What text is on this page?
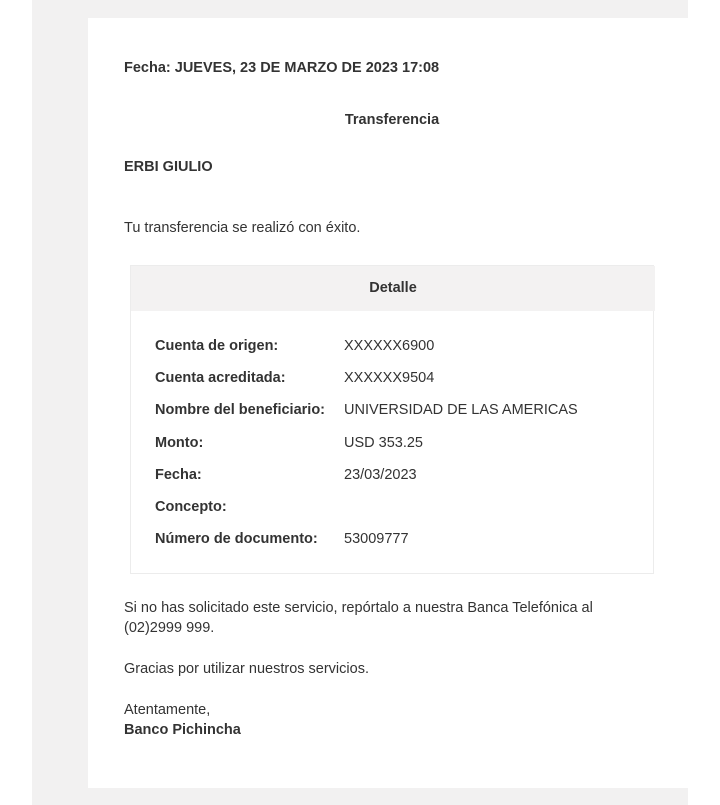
Fecha: JUEVES, 23 DE MARZO DE 2023 17:08
Transferencia
ERBI GIULIO
Tu transferencia se realizó con éxito.
Detalle
Cuenta de origen:	XXXXXX6900
Cuenta acreditada:	XXXXXX9504
Nombre del beneficiario: UNIVERSIDAD DE LAS AMERICAS
Monto:	USD 353.25
Fecha:	23/03/2023
Concepto:
Número de documento: 53009777
Si no has solicitado este servicio, repórtalo a nuestra Banca Telefónica al (02)2999 999.
Gracias por utilizar nuestros servicios.
Atentamente,
Banco Pichincha
